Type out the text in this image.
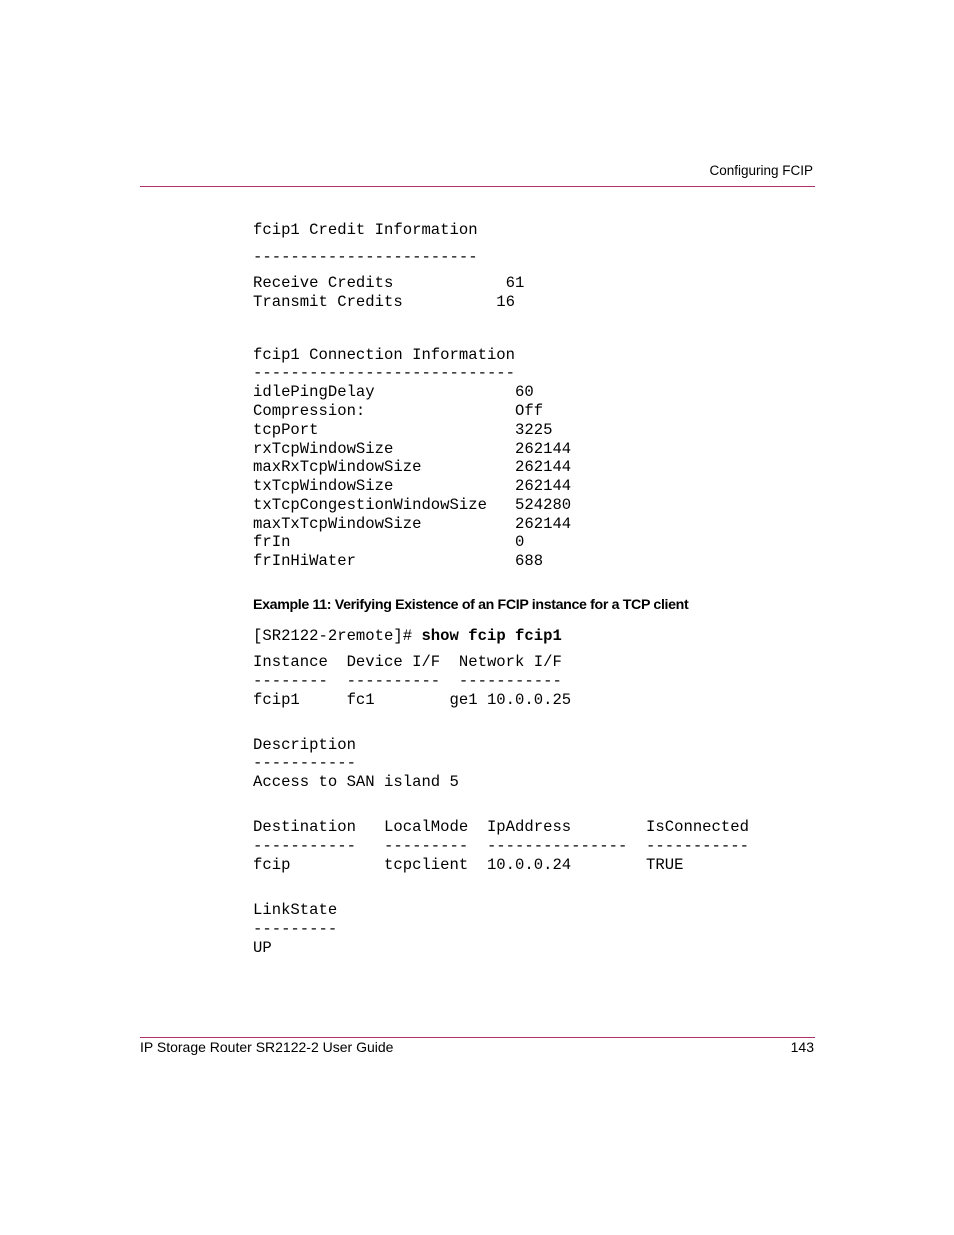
Configuring FCIP
fcip1 Credit Information
------------------------
Receive Credits            61
Transmit Credits          16
fcip1 Connection Information
----------------------------
idlePingDelay               60
Compression:                Off
tcpPort                     3225
rxTcpWindowSize             262144
maxRxTcpWindowSize          262144
txTcpWindowSize             262144
txTcpCongestionWindowSize   524280
maxTxTcpWindowSize          262144
frIn                        0
frInHiWater                 688
Example 11: Verifying Existence of an FCIP instance for a TCP client
[SR2122-2remote]# show fcip fcip1
Instance  Device I/F  Network I/F
--------  ----------  -----------
fcip1     fc1        ge1 10.0.0.25
Description
-----------
Access to SAN island 5
Destination   LocalMode  IpAddress        IsConnected
-----------   ---------  ---------------  -----------
fcip          tcpclient  10.0.0.24        TRUE
LinkState
---------
UP
IP Storage Router SR2122-2 User Guide	143
